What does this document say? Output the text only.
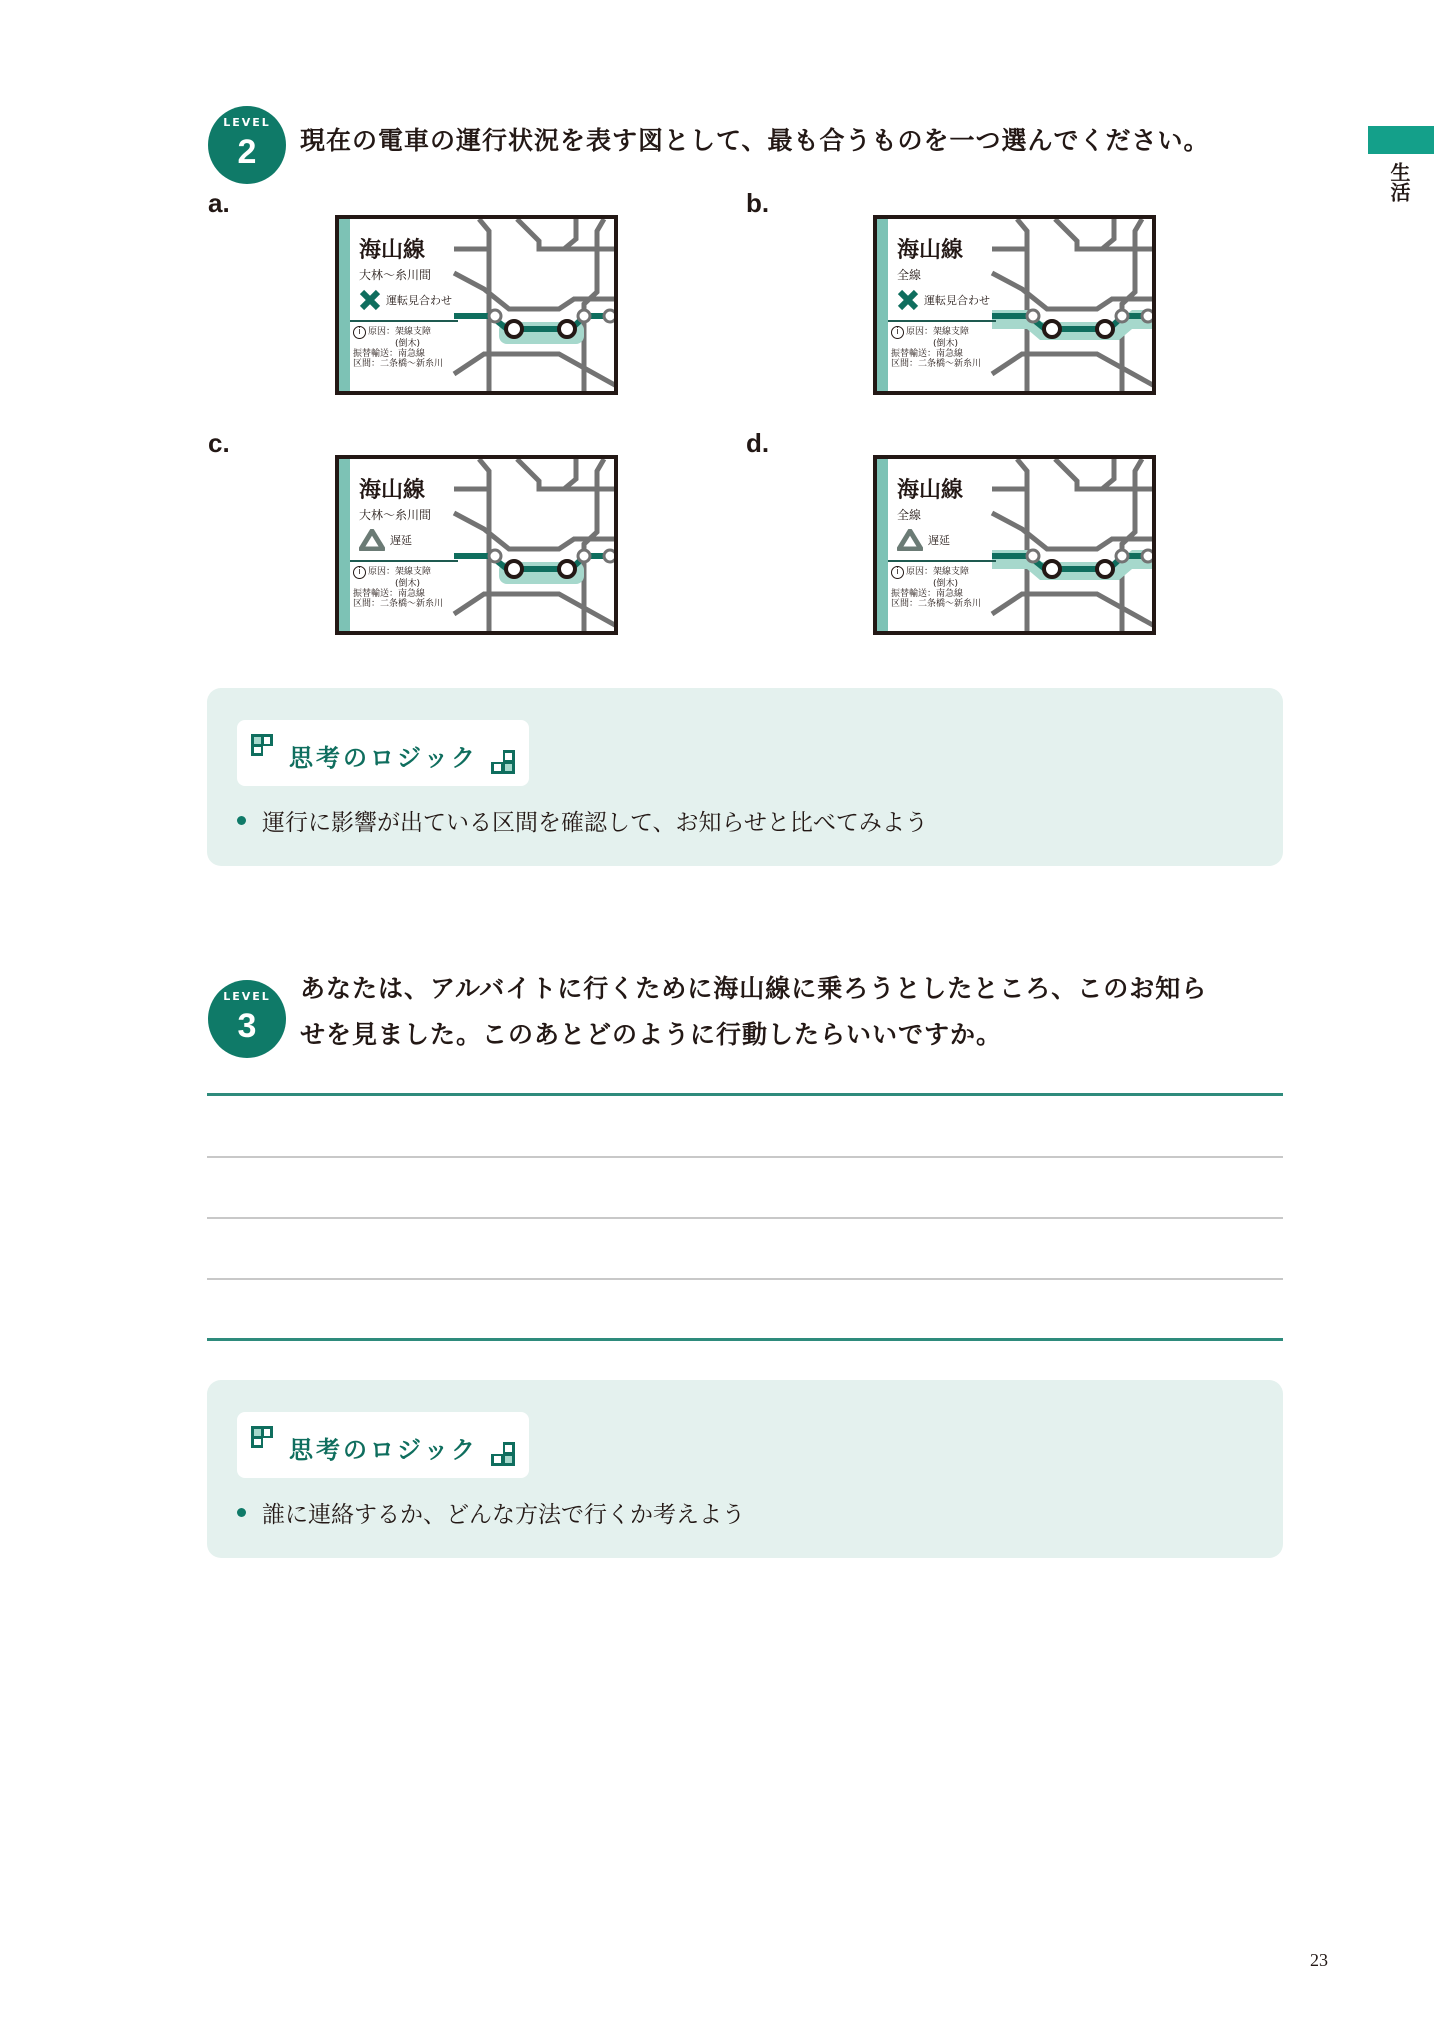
生活
LEVEL
2	現在の電車の運行状況を表す図として、最も合うものを一つ選んでください。
a.	b.
c.	d.
海山線
大林〜糸川間
運転見合わせ
i 原因：架線支障
(倒木)
振替輸送：南急線
区間：二条橋〜新糸川
海山線
全線
運転見合わせ
i 原因：架線支障
(倒木)
振替輸送：南急線
区間：二条橋〜新糸川
海山線
大林〜糸川間
遅延
i 原因：架線支障
(倒木)
振替輸送：南急線
区間：二条橋〜新糸川
海山線
全線
遅延
i 原因：架線支障
(倒木)
振替輸送：南急線
区間：二条橋〜新糸川
思考のロジック
運行に影響が出ている区間を確認して、お知らせと比べてみよう
LEVEL
3
あなたは、アルバイトに行くために海山線に乗ろうとしたところ、このお知ら
せを見ました。このあとどのように行動したらいいですか。
思考のロジック
誰に連絡するか、どんな方法で行くか考えよう
23
